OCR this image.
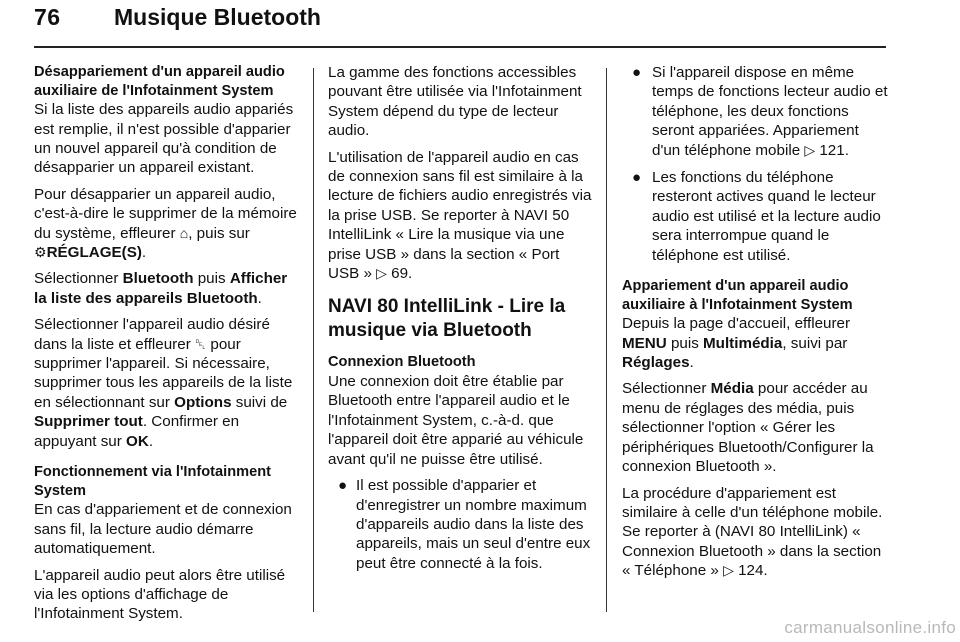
76 Musique Bluetooth
Désappariement d'un appareil audio auxiliaire de l'Infotainment System

Si la liste des appareils audio appariés est remplie, il n'est possible d'apparier un nouvel appareil qu'à condition de désapparier un appareil existant.

Pour désapparier un appareil audio, c'est-à-dire le supprimer de la mémoire du système, effleurer ⌂, puis sur ⚙RÉGLAGE(S).

Sélectionner Bluetooth puis Afficher la liste des appareils Bluetooth.

Sélectionner l'appareil audio désiré dans la liste et effleurer ␡ pour supprimer l'appareil. Si nécessaire, supprimer tous les appareils de la liste en sélectionnant sur Options suivi de Supprimer tout. Confirmer en appuyant sur OK.

Fonctionnement via l'Infotainment System

En cas d'appariement et de connexion sans fil, la lecture audio démarre automatiquement.

L'appareil audio peut alors être utilisé via les options d'affichage de l'Infotainment System.

La gamme des fonctions accessibles pouvant être utilisée via l'Infotainment System dépend du type de lecteur audio.

L'utilisation de l'appareil audio en cas de connexion sans fil est similaire à la lecture de fichiers audio enregistrés via la prise USB. Se reporter à NAVI 50 IntelliLink « Lire la musique via une prise USB » dans la section « Port USB » ▷ 69.

NAVI 80 IntelliLink - Lire la musique via Bluetooth
Connexion Bluetooth

Une connexion doit être établie par Bluetooth entre l'appareil audio et le l'Infotainment System, c.-à-d. que l'appareil doit être apparié au véhicule avant qu'il ne puisse être utilisé.

● Il est possible d'apparier et d'enregistrer un nombre maximum d'appareils audio dans la liste des appareils, mais un seul d'entre eux peut être connecté à la fois.
● Si l'appareil dispose en même temps de fonctions lecteur audio et téléphone, les deux fonctions seront appariées. Appariement d'un téléphone mobile ▷ 121.
● Les fonctions du téléphone resteront actives quand le lecteur audio est utilisé et la lecture audio sera interrompue quand le téléphone est utilisé.
Appariement d'un appareil audio auxiliaire à l'Infotainment System

Depuis la page d'accueil, effleurer MENU puis Multimédia, suivi par Réglages.

Sélectionner Média pour accéder au menu de réglages des média, puis sélectionner l'option « Gérer les périphériques Bluetooth/Configurer la connexion Bluetooth ».

La procédure d'appariement est similaire à celle d'un téléphone mobile. Se reporter à (NAVI 80 IntelliLink) « Connexion Bluetooth » dans la section « Téléphone » ▷ 124.

carmanualsonline.info
